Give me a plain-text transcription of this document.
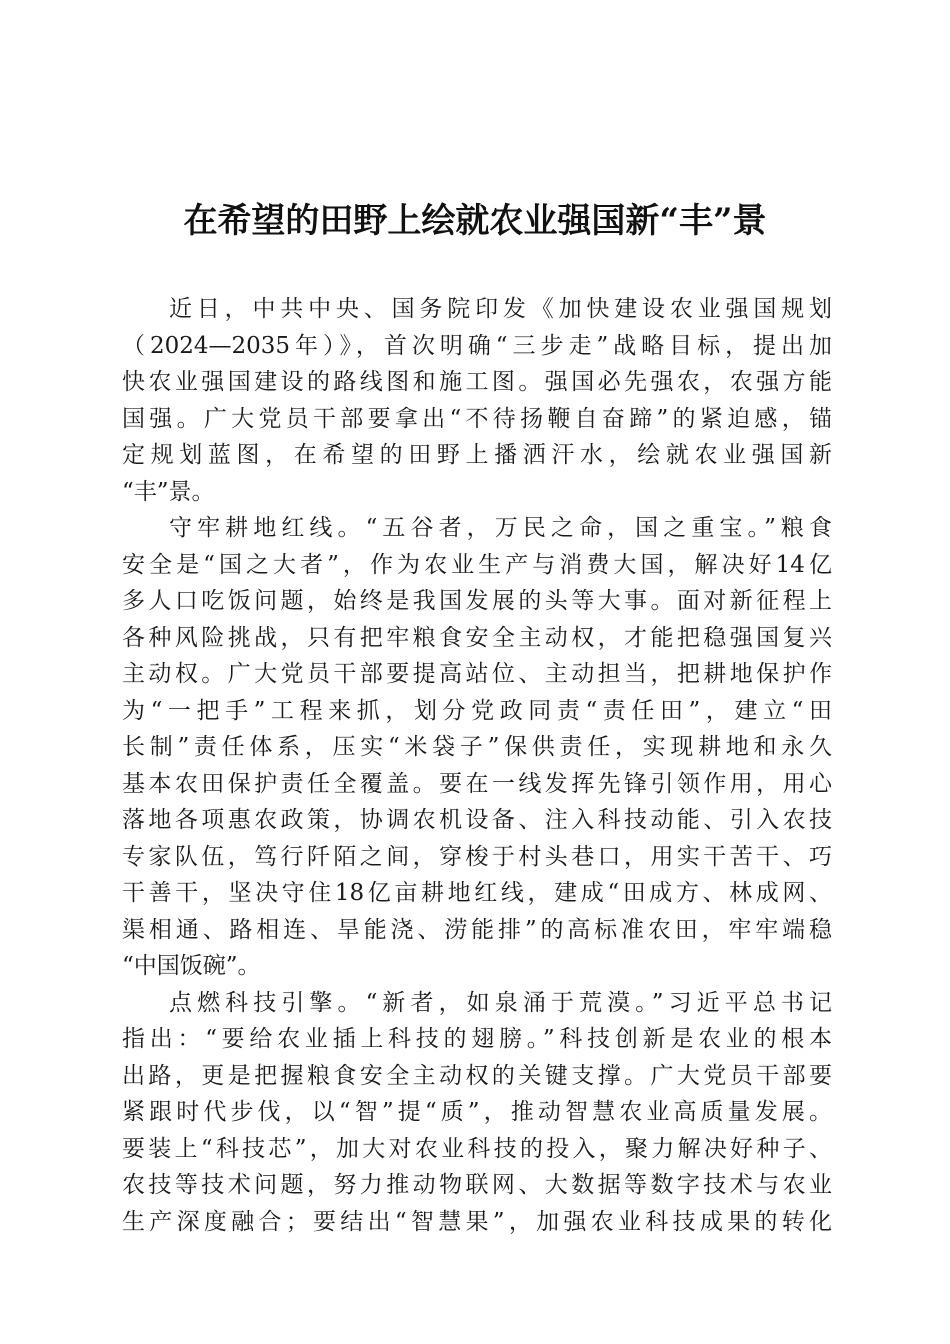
在希望的田野上绘就农业强国新“丰”景
近日，中共中央、国务院印发《加快建设农业强国规划
（2024—2035年）》，首次明确“三步走”战略目标，提出加
快农业强国建设的路线图和施工图。强国必先强农，农强方能
国强。广大党员干部要拿出“不待扬鞭自奋蹄”的紧迫感，锚
定规划蓝图，在希望的田野上播洒汗水，绘就农业强国新
“丰”景。
守牢耕地红线。“五谷者，万民之命，国之重宝。”粮食
安全是“国之大者”，作为农业生产与消费大国，解决好14亿
多人口吃饭问题，始终是我国发展的头等大事。面对新征程上
各种风险挑战，只有把牢粮食安全主动权，才能把稳强国复兴
主动权。广大党员干部要提高站位、主动担当，把耕地保护作
为“一把手”工程来抓，划分党政同责“责任田”，建立“田
长制”责任体系，压实“米袋子”保供责任，实现耕地和永久
基本农田保护责任全覆盖。要在一线发挥先锋引领作用，用心
落地各项惠农政策，协调农机设备、注入科技动能、引入农技
专家队伍，笃行阡陌之间，穿梭于村头巷口，用实干苦干、巧
干善干，坚决守住18亿亩耕地红线，建成“田成方、林成网、
渠相通、路相连、旱能浇、涝能排”的高标准农田，牢牢端稳
“中国饭碗”。
点燃科技引擎。“新者，如泉涌于荒漠。”习近平总书记
指出：“要给农业插上科技的翅膀。”科技创新是农业的根本
出路，更是把握粮食安全主动权的关键支撑。广大党员干部要
紧跟时代步伐，以“智”提“质”，推动智慧农业高质量发展。
要装上“科技芯”，加大对农业科技的投入，聚力解决好种子、
农技等技术问题，努力推动物联网、大数据等数字技术与农业
生产深度融合；要结出“智慧果”，加强农业科技成果的转化
